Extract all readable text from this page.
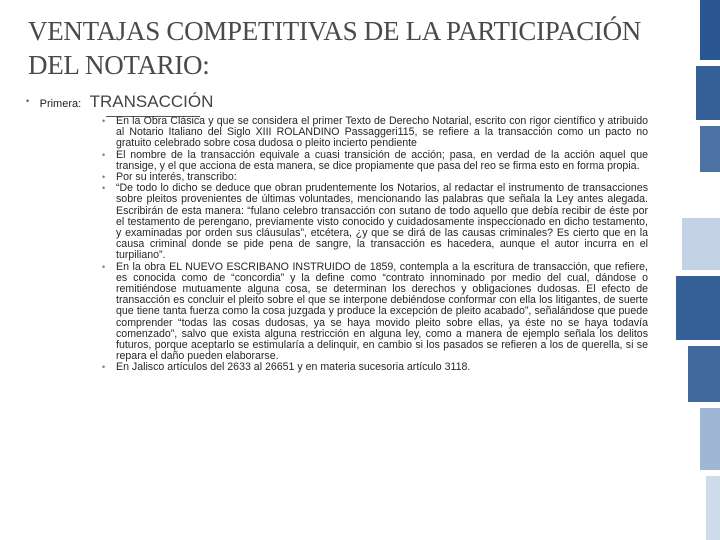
VENTAJAS COMPETITIVAS DE LA PARTICIPACIÓN DEL NOTARIO:
• Primera: TRANSACCIÓN
• En la Obra Clásica y que se considera el primer Texto de Derecho Notarial, escrito con rigor científico y atribuido al Notario Italiano del Siglo XIII ROLANDINO Passaggeri115, se refiere a la transacción como un pacto no gratuito celebrado sobre cosa dudosa o pleito incierto pendiente
• El nombre de la transacción equivale a cuasi transición de acción; pasa, en verdad de la acción aquel que transige, y el que acciona de esta manera, se dice propiamente que pasa del reo se firma esto en forma propia.
• Por su interés, transcribo:
• “De todo lo dicho se deduce que obran prudentemente los Notarios, al redactar el instrumento de transacciones sobre pleitos provenientes de últimas voluntades, mencionando las palabras que señala la Ley antes alegada. Escribirán de esta manera: “fulano celebro transacción con sutano de todo aquello que debía recibir de éste por el testamento de perengano, previamente visto conocido y cuidadosamente inspeccionado en dicho testamento, y examinadas por orden sus cláusulas”, etcétera, ¿y que se dirá de las causas criminales? Es cierto que en la causa criminal donde se pide pena de sangre, la transacción es hacedera, aunque el autor incurra en el turpiliano”.
• En la obra EL NUEVO ESCRIBANO INSTRUIDO de 1859, contempla a la escritura de transacción, que refiere, es conocida como de “concordia” y la define como “contrato innominado por medio del cual, dándose o remitiéndose mutuamente alguna cosa, se determinan los derechos y obligaciones dudosas. El efecto de transacción es concluir el pleito sobre el que se interpone debiéndose conformar con ella los litigantes, de suerte que tiene tanta fuerza como la cosa juzgada y produce la excepción de pleito acabado”, señalándose que puede comprender “todas las cosas dudosas, ya se haya movido pleito sobre ellas, ya éste no se haya todavía comenzado”, salvo que exista alguna restricción en alguna ley, como a manera de ejemplo señala los delitos futuros, porque aceptarlo se estimularía a delinquir, en cambio si los pasados se refieren a los de querella, si se repara el daño pueden elaborarse.
• En Jalisco artículos del 2633 al 26651 y en materia sucesoria artículo 3118.
